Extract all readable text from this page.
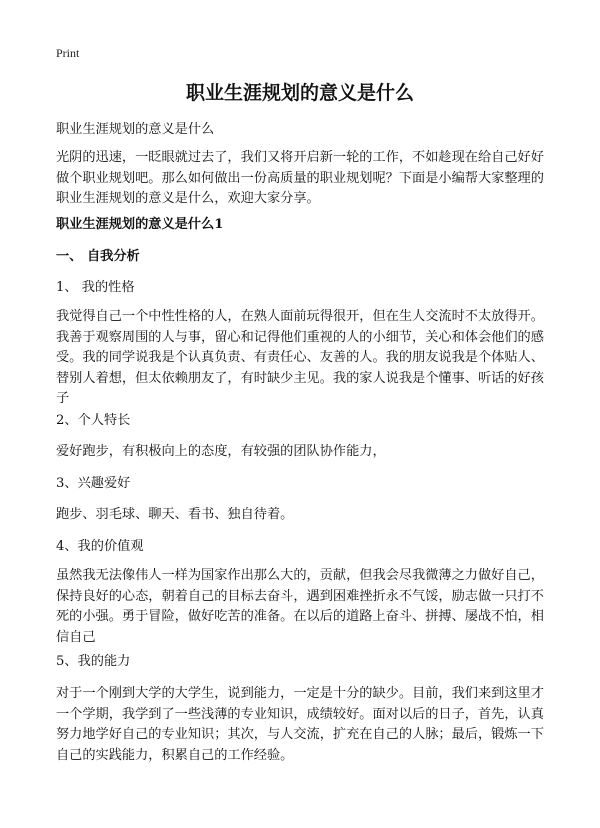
Print
职业生涯规划的意义是什么

职业生涯规划的意义是什么

光阴的迅速，一眨眼就过去了，我们又将开启新一轮的工作，不如趁现在给自己好好做个职业规划吧。那么如何做出一份高质量的职业规划呢？下面是小编帮大家整理的职业生涯规划的意义是什么，欢迎大家分享。

职业生涯规划的意义是什么1

一、 自我分析

1、 我的性格

我觉得自己一个中性性格的人，在熟人面前玩得很开，但在生人交流时不太放得开。我善于观察周围的人与事，留心和记得他们重视的人的小细节，关心和体会他们的感受。我的同学说我是个认真负责、有责任心、友善的人。我的朋友说我是个体贴人、替别人着想，但太依赖朋友了，有时缺少主见。我的家人说我是个懂事、听话的好孩子

2、个人特长

爱好跑步，有积极向上的态度，有较强的团队协作能力，

3、兴趣爱好

跑步、羽毛球、聊天、看书、独自待着。

4、我的价值观

虽然我无法像伟人一样为国家作出那么大的，贡献，但我会尽我微薄之力做好自己，保持良好的心态，朝着自己的目标去奋斗，遇到困难挫折永不气馁，励志做一只打不死的小强。勇于冒险，做好吃苦的准备。在以后的道路上奋斗、拼搏、屡战不怕，相信自己

5、我的能力

对于一个刚到大学的大学生，说到能力，一定是十分的缺少。目前，我们来到这里才一个学期，我学到了一些浅薄的专业知识，成绩较好。面对以后的日子，首先，认真努力地学好自己的专业知识；其次，与人交流，扩充在自己的人脉；最后，锻炼一下自己的实践能力，积累自己的工作经验。
